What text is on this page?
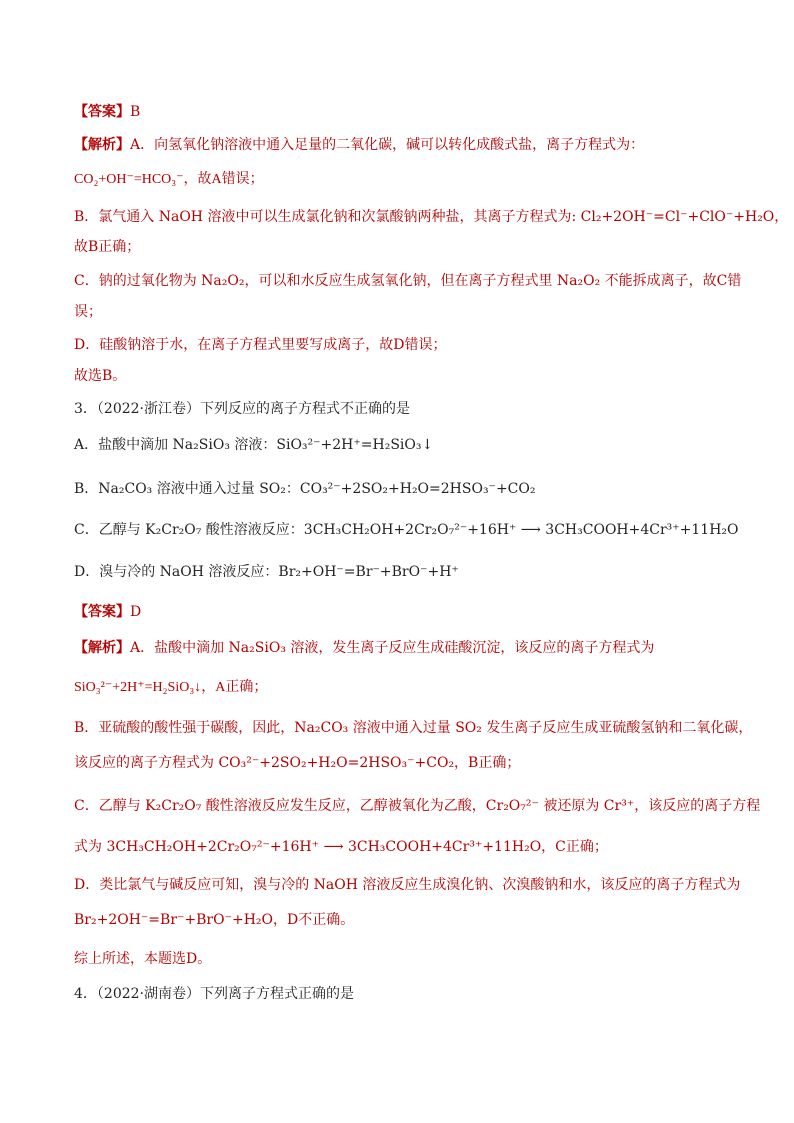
【答案】B
【解析】A．向氢氧化钠溶液中通入足量的二氧化碳，碱可以转化成酸式盐，离子方程式为：
CO₂+OH⁻=HCO₃⁻，故A错误；
B．氯气通入 NaOH 溶液中可以生成氯化钠和次氯酸钠两种盐，其离子方程式为: Cl₂+2OH⁻=Cl⁻+ClO⁻+H₂O，
故B正确；
C．钠的过氧化物为 Na₂O₂，可以和水反应生成氢氧化钠，但在离子方程式里 Na₂O₂ 不能拆成离子，故C错
误；
D．硅酸钠溶于水，在离子方程式里要写成离子，故D错误；
故选B。
3．（2022·浙江卷）下列反应的离子方程式不正确的是
A．盐酸中滴加 Na₂SiO₃ 溶液：SiO₃²⁻+2H⁺=H₂SiO₃↓
B．Na₂CO₃ 溶液中通入过量 SO₂：CO₃²⁻+2SO₂+H₂O=2HSO₃⁻+CO₂
C．乙醇与 K₂Cr₂O₇ 酸性溶液反应：3CH₃CH₂OH+2Cr₂O₇²⁻+16H⁺ ⟶ 3CH₃COOH+4Cr³⁺+11H₂O
D．溴与冷的 NaOH 溶液反应：Br₂+OH⁻=Br⁻+BrO⁻+H⁺
【答案】D
【解析】A．盐酸中滴加 Na₂SiO₃ 溶液，发生离子反应生成硅酸沉淀，该反应的离子方程式为
SiO₃²⁻+2H⁺=H₂SiO₃↓，A正确；
B．亚硫酸的酸性强于碳酸，因此，Na₂CO₃ 溶液中通入过量 SO₂ 发生离子反应生成亚硫酸氢钠和二氧化碳，
该反应的离子方程式为 CO₃²⁻+2SO₂+H₂O=2HSO₃⁻+CO₂，B正确；
C．乙醇与 K₂Cr₂O₇ 酸性溶液反应发生反应，乙醇被氧化为乙酸，Cr₂O₇²⁻ 被还原为 Cr³⁺，该反应的离子方程
式为 3CH₃CH₂OH+2Cr₂O₇²⁻+16H⁺ ⟶ 3CH₃COOH+4Cr³⁺+11H₂O，C正确；
D．类比氯气与碱反应可知，溴与冷的 NaOH 溶液反应生成溴化钠、次溴酸钠和水，该反应的离子方程式为
Br₂+2OH⁻=Br⁻+BrO⁻+H₂O，D不正确。
综上所述，本题选D。
4．（2022·湖南卷）下列离子方程式正确的是
